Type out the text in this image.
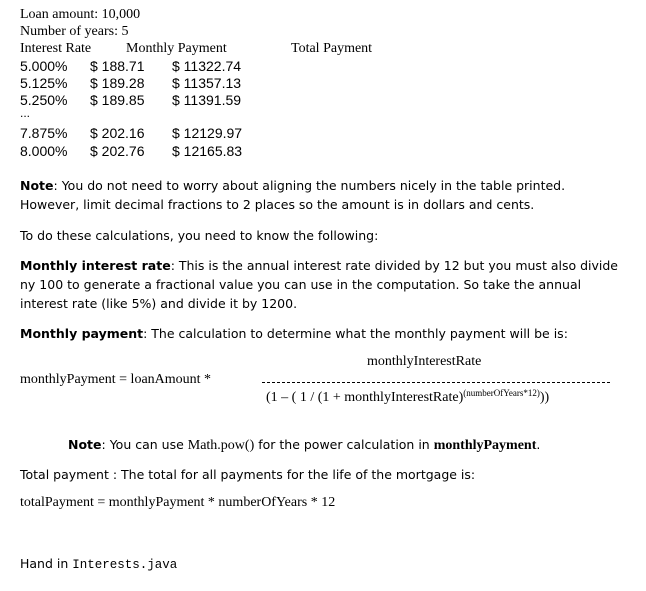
Loan amount: 10,000
Number of years: 5
Interest Rate Monthly Payment	Total Payment
5.000% $ 188.71 $ 11322.74
5.125% $ 189.28 $ 11357.13
5.250% $ 189.85 $ 11391.59
...
7.875% $ 202.16 $ 12129.97
8.000% $ 202.76 $ 12165.83
Note: You do not need to worry about aligning the numbers nicely in the table printed. However, limit decimal fractions to 2 places so the amount is in dollars and cents.
To do these calculations, you need to know the following:
Monthly interest rate: This is the annual interest rate divided by 12 but you must also divide ny 100 to generate a fractional value you can use in the computation. So take the annual interest rate (like 5%) and divide it by 1200.
Monthly payment: The calculation to determine what the monthly payment will be is:
monthlyInterestRate
monthlyPayment = loanAmount *
(1 – ( 1 / (1 + monthlyInterestRate)$^{(numberOfYears*12)}$))
Note: You can use Math.pow() for the power calculation in monthlyPayment.
Total payment : The total for all payments for the life of the mortgage is:
totalPayment = monthlyPayment * numberOfYears * 12
Hand in Interests.java
